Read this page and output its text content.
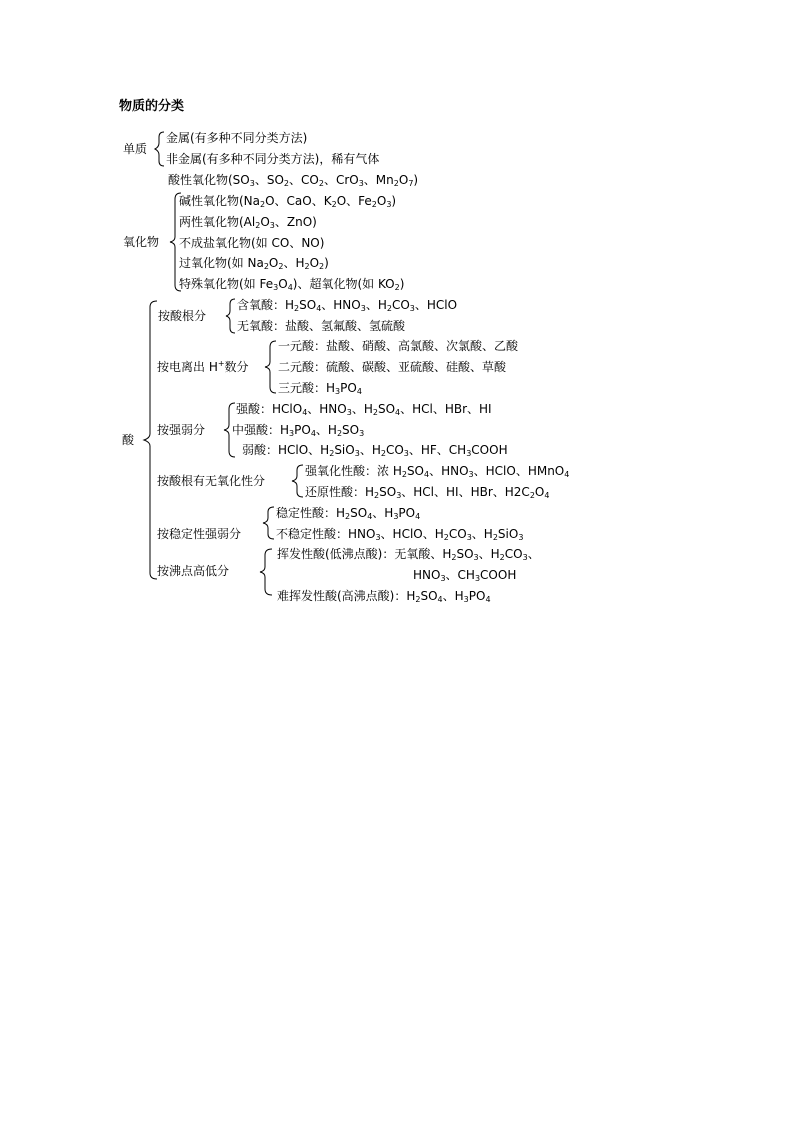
物质的分类
单质
金属(有多种不同分类方法)
非金属(有多种不同分类方法)，稀有气体
氧化物
酸性氧化物($SO_3$、$SO_2$、$CO_2$、CrO$_3$、$Mn_2O_7$)
碱性氧化物($Na_2O$、CaO、$K_2O$、$Fe_2O_3$)
两性氧化物($Al_2O_3$、ZnO)
不成盐氧化物(如 CO、NO)
过氧化物(如 $Na_2O_2$、$H_2O_2$)
特殊氧化物(如 $Fe_3O_4$)、超氧化物(如 $KO_2$)
酸
按酸根分
含氧酸：$H_2SO_4$、$HNO_3$、$H_2CO_3$、HClO
无氧酸：盐酸、氢氟酸、氢硫酸
按电离出 H+数分
一元酸：盐酸、硝酸、高氯酸、次氯酸、乙酸
二元酸：硫酸、碳酸、亚硫酸、硅酸、草酸
三元酸：$H_3PO_4$
按强弱分
强酸：HClO$_4$、$HNO_3$、$H_2SO_4$、HCl、HBr、HI
中强酸：$H_3PO_4$、$H_2SO_3$
弱酸：HClO、$H_2SiO_3$、$H_2CO_3$、HF、$CH_3COOH$
按酸根有无氧化性分
强氧化性酸：浓 $H_2SO_4$、$HNO_3$、HClO、HMnO$_4$
还原性酸：$H_2SO_3$、HCl、HI、HBr、$H2C_2O_4$
按稳定性强弱分
稳定性酸：$H_2SO_4$、$H_3PO_4$
不稳定性酸：$HNO_3$、HClO、$H_2CO_3$、$H_2SiO_3$
按沸点高低分
挥发性酸(低沸点酸)：无氧酸、$H_2SO_3$、$H_2CO_3$、
$HNO_3$、$CH_3COOH$
难挥发性酸(高沸点酸)：$H_2SO_4$、$H_3PO_4$
